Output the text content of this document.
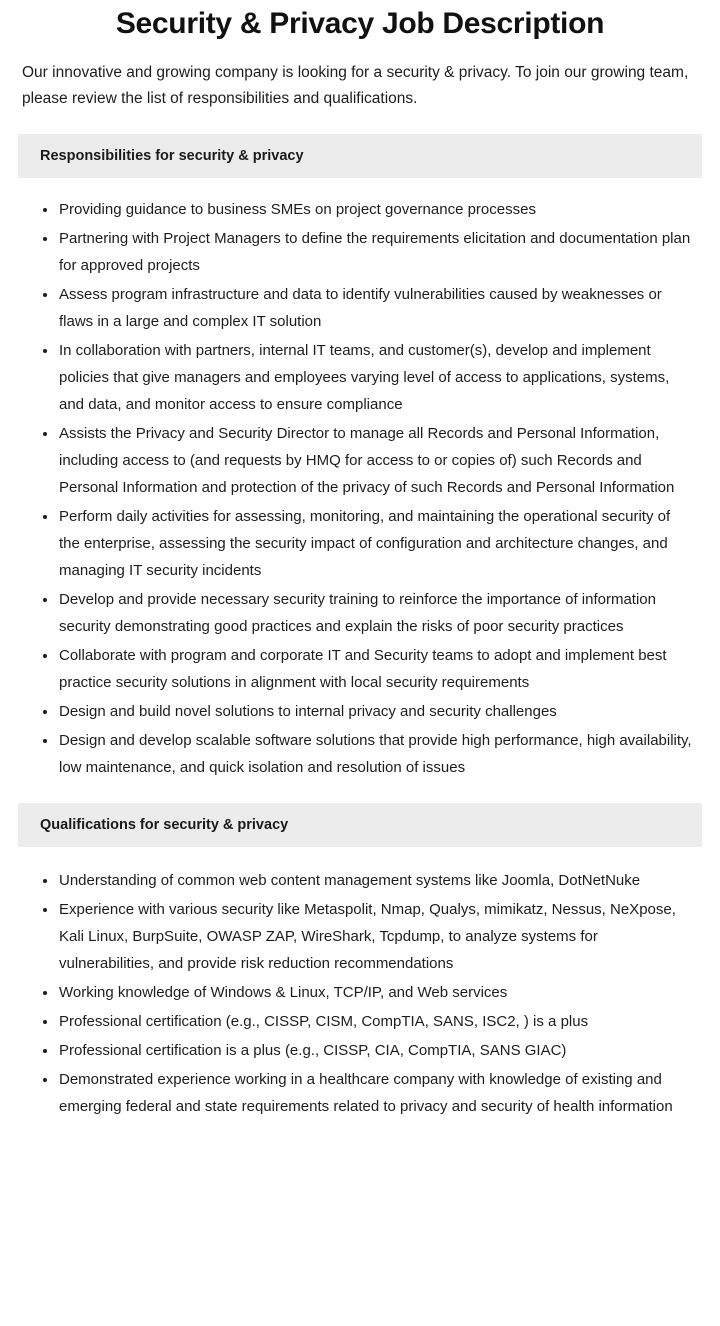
Security & Privacy Job Description

Our innovative and growing company is looking for a security & privacy. To join our growing team, please review the list of responsibilities and qualifications.

Responsibilities for security & privacy
Providing guidance to business SMEs on project governance processes
Partnering with Project Managers to define the requirements elicitation and documentation plan for approved projects
Assess program infrastructure and data to identify vulnerabilities caused by weaknesses or flaws in a large and complex IT solution
In collaboration with partners, internal IT teams, and customer(s), develop and implement policies that give managers and employees varying level of access to applications, systems, and data, and monitor access to ensure compliance
Assists the Privacy and Security Director to manage all Records and Personal Information, including access to (and requests by HMQ for access to or copies of) such Records and Personal Information and protection of the privacy of such Records and Personal Information
Perform daily activities for assessing, monitoring, and maintaining the operational security of the enterprise, assessing the security impact of configuration and architecture changes, and managing IT security incidents
Develop and provide necessary security training to reinforce the importance of information security demonstrating good practices and explain the risks of poor security practices
Collaborate with program and corporate IT and Security teams to adopt and implement best practice security solutions in alignment with local security requirements
Design and build novel solutions to internal privacy and security challenges
Design and develop scalable software solutions that provide high performance, high availability, low maintenance, and quick isolation and resolution of issues
Qualifications for security & privacy
Understanding of common web content management systems like Joomla, DotNetNuke
Experience with various security like Metaspolit, Nmap, Qualys, mimikatz, Nessus, NeXpose, Kali Linux, BurpSuite, OWASP ZAP, WireShark, Tcpdump, to analyze systems for vulnerabilities, and provide risk reduction recommendations
Working knowledge of Windows & Linux, TCP/IP, and Web services
Professional certification (e.g., CISSP, CISM, CompTIA, SANS, ISC2, ) is a plus
Professional certification is a plus (e.g., CISSP, CIA, CompTIA, SANS GIAC)
Demonstrated experience working in a healthcare company with knowledge of existing and emerging federal and state requirements related to privacy and security of health information
